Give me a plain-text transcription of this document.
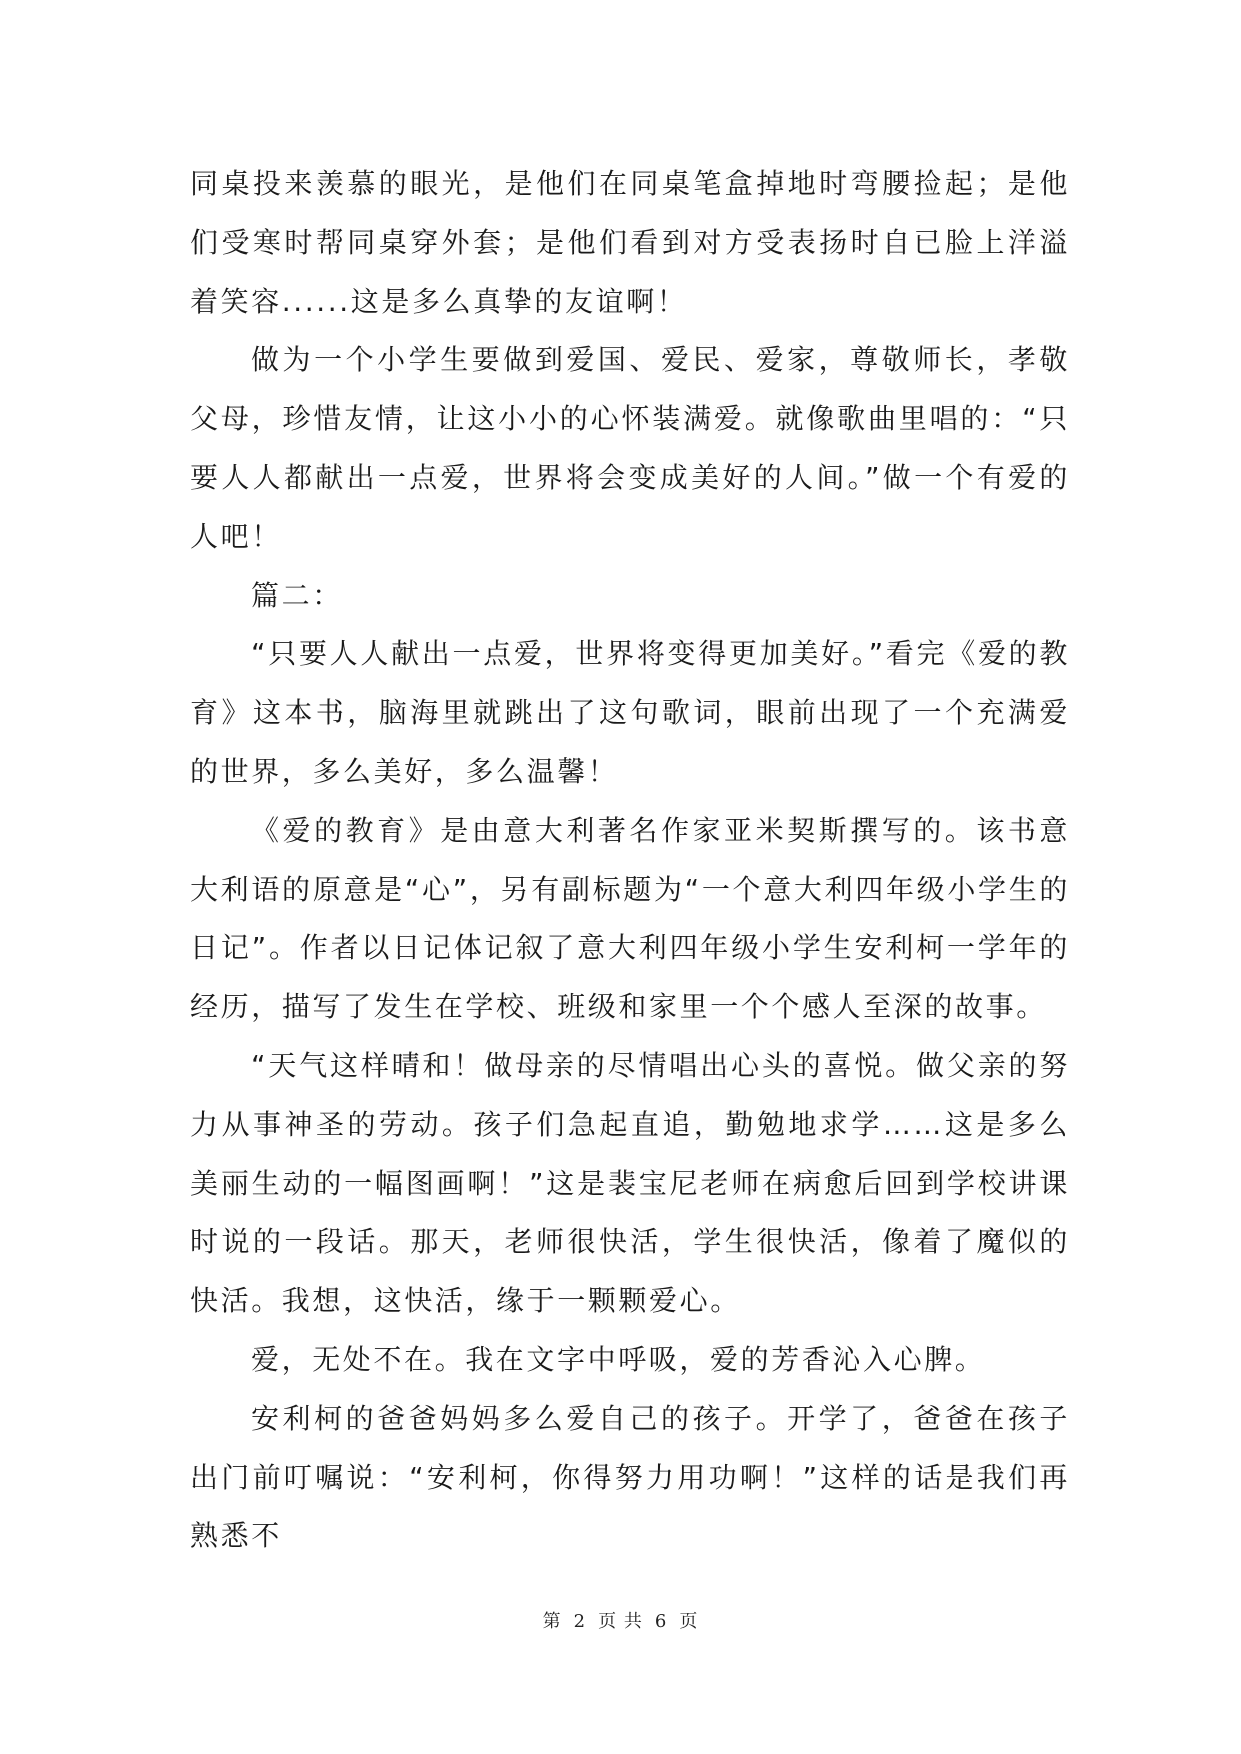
同桌投来羡慕的眼光，是他们在同桌笔盒掉地时弯腰捡起；是他们受寒时帮同桌穿外套；是他们看到对方受表扬时自已脸上洋溢着笑容......这是多么真挚的友谊啊！

做为一个小学生要做到爱国、爱民、爱家，尊敬师长，孝敬父母，珍惜友情，让这小小的心怀装满爱。就像歌曲里唱的：“只要人人都献出一点爱，世界将会变成美好的人间。”做一个有爱的人吧！

篇二：

“只要人人献出一点爱，世界将变得更加美好。”看完《爱的教育》这本书，脑海里就跳出了这句歌词，眼前出现了一个充满爱的世界，多么美好，多么温馨！

《爱的教育》是由意大利著名作家亚米契斯撰写的。该书意大利语的原意是“心”，另有副标题为“一个意大利四年级小学生的日记”。作者以日记体记叙了意大利四年级小学生安利柯一学年的经历，描写了发生在学校、班级和家里一个个感人至深的故事。

“天气这样晴和！做母亲的尽情唱出心头的喜悦。做父亲的努力从事神圣的劳动。孩子们急起直追，勤勉地求学……这是多么美丽生动的一幅图画啊！”这是裴宝尼老师在病愈后回到学校讲课时说的一段话。那天，老师很快活，学生很快活，像着了魔似的快活。我想，这快活，缘于一颗颗爱心。

爱，无处不在。我在文字中呼吸，爱的芳香沁入心脾。

安利柯的爸爸妈妈多么爱自己的孩子。开学了，爸爸在孩子出门前叮嘱说：“安利柯，你得努力用功啊！”这样的话是我们再熟悉不

第 2 页 共 6 页
